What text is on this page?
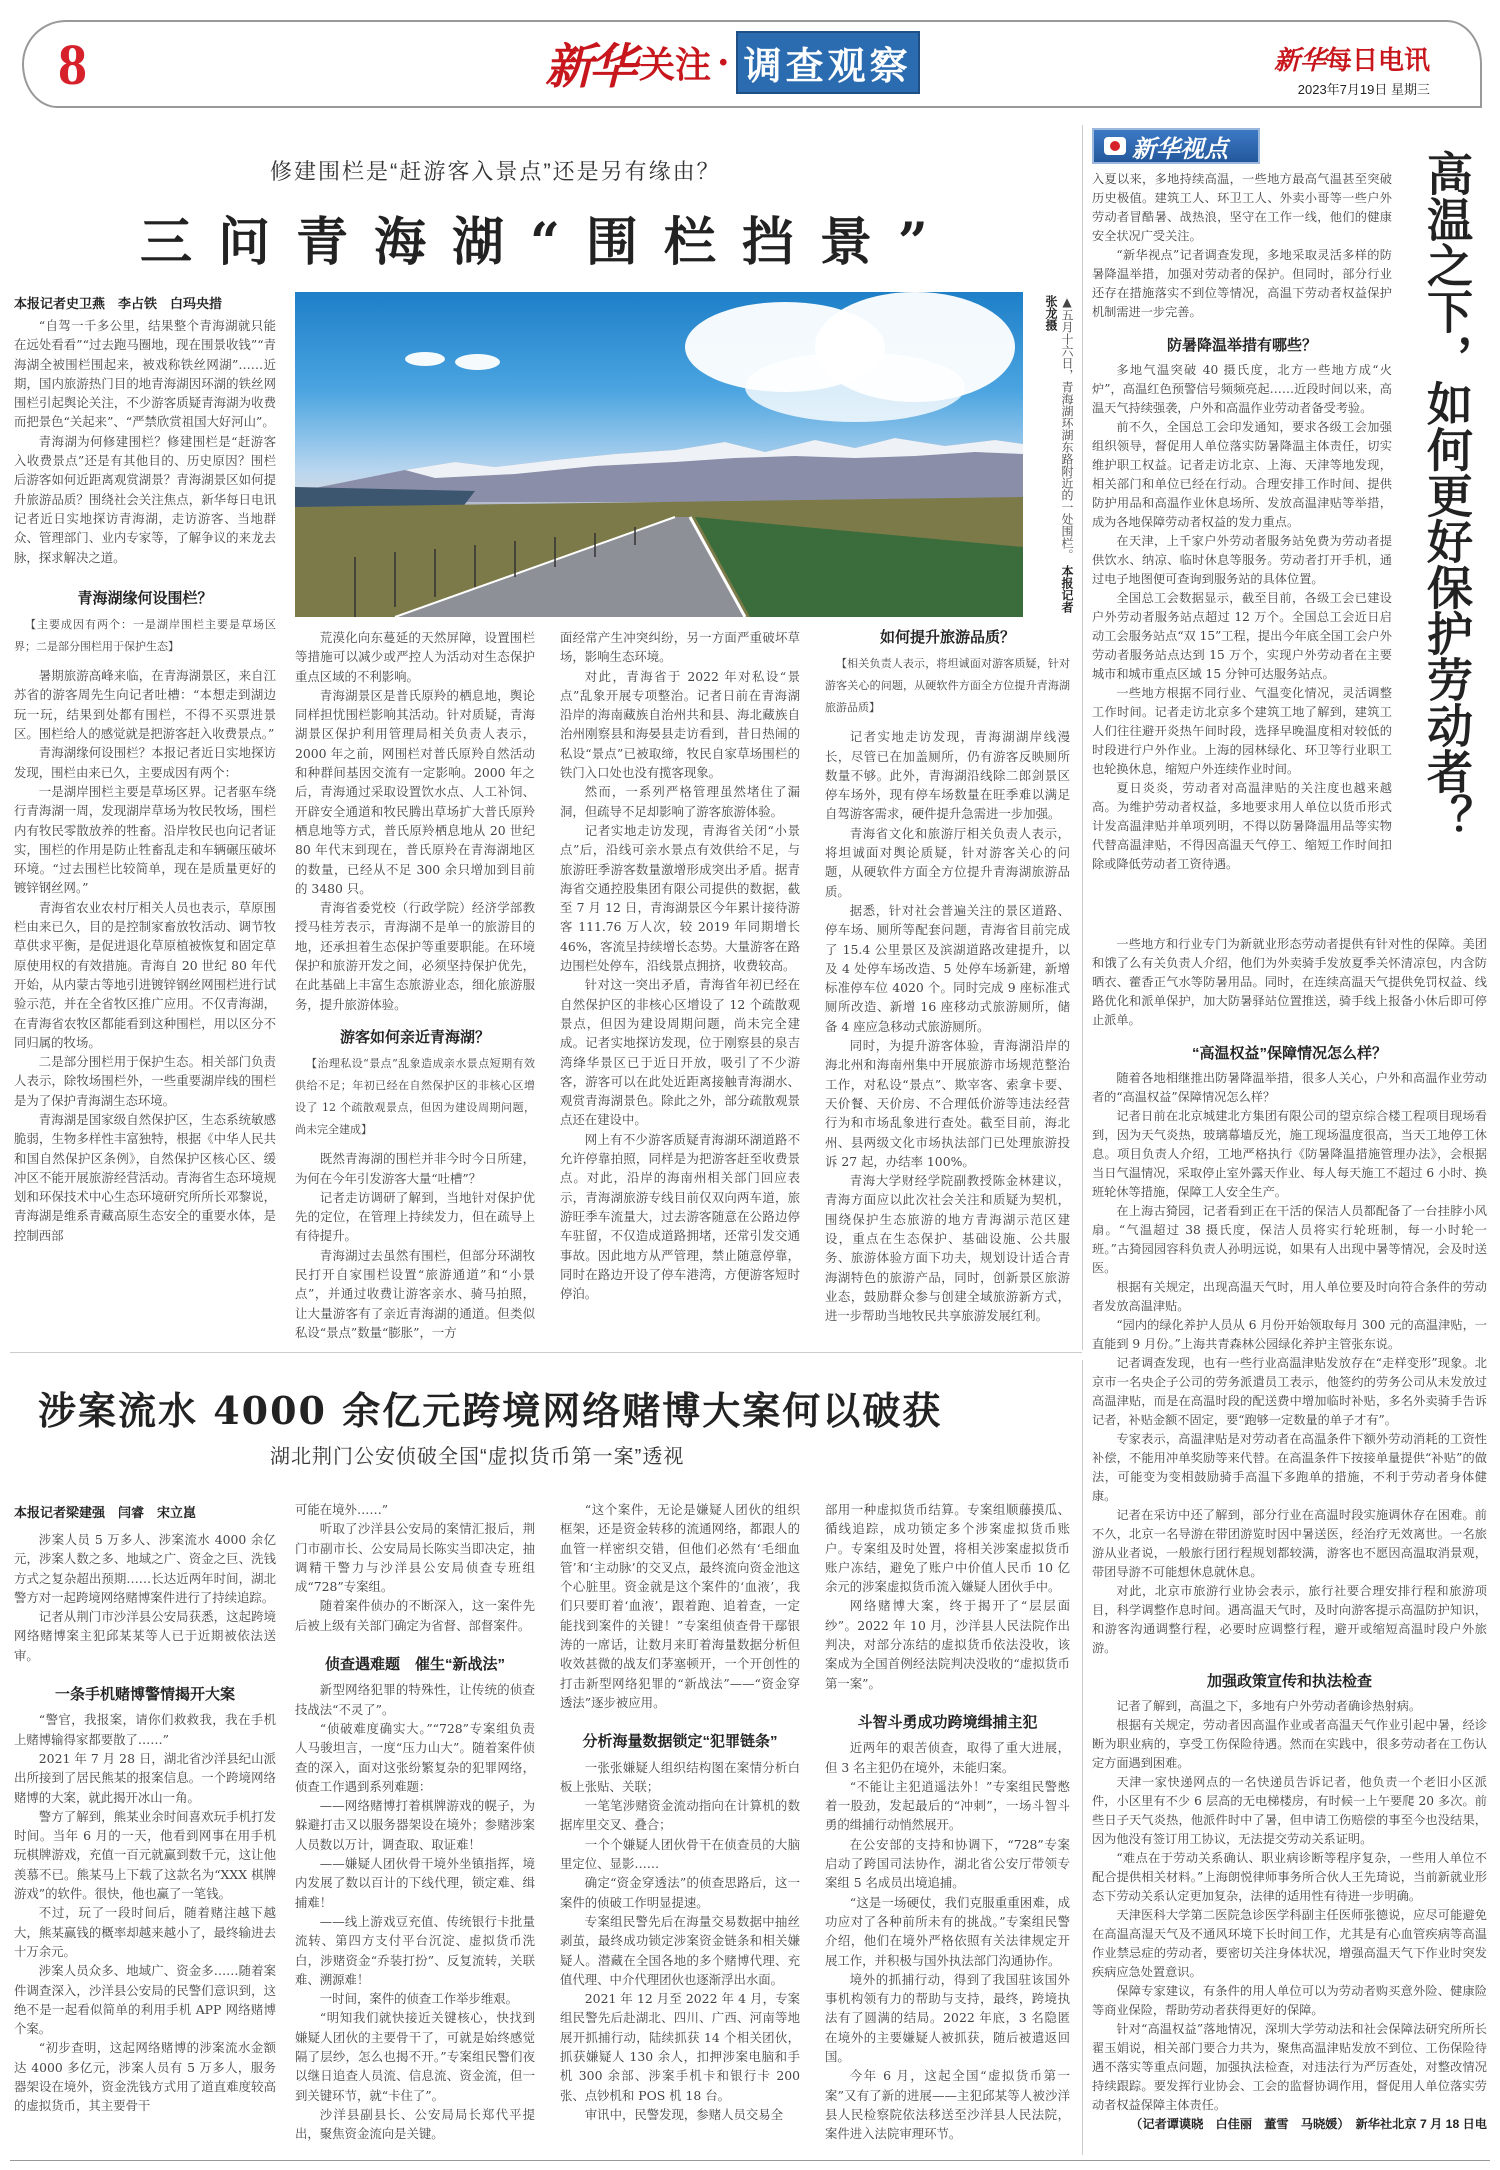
8	新华 关注 · 调查观察	新华每日电讯
2023年7月19日 星期三
修建围栏是“赶游客入景点”还是另有缘由？
三问青海湖“围栏挡景”
本报记者史卫燕　李占铁　白玛央措	▲五月十六日，青海湖环湖东路附近的一处围栏。 本报记者张龙摄

“自驾一千多公里，结果整个青海湖就只能在远处看看”“过去跑马圈地，现在围景收钱”“青海湖全被围栏围起来，被戏称铁丝网湖”……近期，国内旅游热门目的地青海湖因环湖的铁丝网围栏引起舆论关注，不少游客质疑青海湖为收费而把景色“关起来”、“严禁欣赏祖国大好河山”。

青海湖为何修建围栏？修建围栏是“赶游客入收费景点”还是有其他目的、历史原因？围栏后游客如何近距离观赏湖景？青海湖景区如何提升旅游品质？围绕社会关注焦点，新华每日电讯记者近日实地探访青海湖，走访游客、当地群众、管理部门、业内专家等，了解争议的来龙去脉，探求解决之道。

青海湖缘何设围栏？
【主要成因有两个：一是湖岸围栏主要是草场区界；二是部分围栏用于保护生态】

暑期旅游高峰来临，在青海湖景区，来自江苏省的游客周先生向记者吐槽：“本想走到湖边玩一玩，结果到处都有围栏，不得不买票进景区。围栏给人的感觉就是把游客赶入收费景点。”

青海湖缘何设围栏？本报记者近日实地探访发现，围栏由来已久，主要成因有两个：

一是湖岸围栏主要是草场区界。记者驱车绕行青海湖一周，发现湖岸草场为牧民牧场，围栏内有牧民零散放养的牲畜。沿岸牧民也向记者证实，围栏的作用是防止牲畜乱走和车辆碾压破坏环境。“过去围栏比较简单，现在是质量更好的镀锌钢丝网。”

青海省农业农村厅相关人员也表示，草原围栏由来已久，目的是控制家畜放牧活动、调节牧草供求平衡，是促进退化草原植被恢复和固定草原使用权的有效措施。青海自 20 世纪 80 年代开始，从内蒙古等地引进镀锌钢丝网围栏进行试验示范，并在全省牧区推广应用。不仅青海湖，在青海省农牧区都能看到这种围栏，用以区分不同归属的牧场。

二是部分围栏用于保护生态。相关部门负责人表示，除牧场围栏外，一些重要湖岸线的围栏是为了保护青海湖生态环境。

青海湖是国家级自然保护区，生态系统敏感脆弱，生物多样性丰富独特，根据《中华人民共和国自然保护区条例》，自然保护区核心区、缓冲区不能开展旅游经营活动。青海省生态环境规划和环保技术中心生态环境研究所所长邓黎说，青海湖是维系青藏高原生态安全的重要水体，是控制西部

荒漠化向东蔓延的天然屏障，设置围栏等措施可以减少或严控人为活动对生态保护重点区域的不利影响。

青海湖景区是普氏原羚的栖息地，舆论同样担忧围栏影响其活动。针对质疑，青海湖景区保护利用管理局相关负责人表示，2000 年之前，网围栏对普氏原羚自然活动和种群间基因交流有一定影响。2000 年之后，青海通过采取设置饮水点、人工补饲、开辟安全通道和牧民腾出草场扩大普氏原羚栖息地等方式，普氏原羚栖息地从 20 世纪 80 年代末到现在，普氏原羚在青海湖地区的数量，已经从不足 300 余只增加到目前的 3480 只。

青海省委党校（行政学院）经济学部教授马桂芳表示，青海湖不是单一的旅游目的地，还承担着生态保护等重要职能。在环境保护和旅游开发之间，必须坚持保护优先，在此基础上丰富生态旅游业态，细化旅游服务，提升旅游体验。

游客如何亲近青海湖？
【治理私设“景点”乱象造成亲水景点短期有效供给不足；年初已经在自然保护区的非核心区增设了 12 个疏散观景点，但因为建设周期问题，尚未完全建成】

既然青海湖的围栏并非今时今日所建，为何在今年引发游客大量“吐槽”？

记者走访调研了解到，当地针对保护优先的定位，在管理上持续发力，但在疏导上有待提升。

青海湖过去虽然有围栏，但部分环湖牧民打开自家围栏设置“旅游通道”和“小景点”，并通过收费让游客亲水、骑马拍照，让大量游客有了亲近青海湖的通道。但类似私设“景点”数量“膨胀”，一方

面经常产生冲突纠纷，另一方面严重破坏草场，影响生态环境。

对此，青海省于 2022 年对私设“景点”乱象开展专项整治。记者日前在青海湖沿岸的海南藏族自治州共和县、海北藏族自治州刚察县和海晏县走访看到，昔日热闹的私设“景点”已被取缔，牧民自家草场围栏的铁门入口处也没有揽客现象。

然而，一系列严格管理虽然堵住了漏洞，但疏导不足却影响了游客旅游体验。

记者实地走访发现，青海省关闭“小景点”后，沿线可亲水景点有效供给不足，与旅游旺季游客数量激增形成突出矛盾。据青海省交通控股集团有限公司提供的数据，截至 7 月 12 日，青海湖景区今年累计接待游客 111.76 万人次，较 2019 年同期增长 46%，客流呈持续增长态势。大量游客在路边围栏处停车，沿线景点拥挤，收费较高。

针对这一突出矛盾，青海省年初已经在自然保护区的非核心区增设了 12 个疏散观景点，但因为建设周期问题，尚未完全建成。记者实地探访发现，位于刚察县的泉吉湾绛华景区已于近日开放，吸引了不少游客，游客可以在此处近距离接触青海湖水、观赏青海湖景色。除此之外，部分疏散观景点还在建设中。

网上有不少游客质疑青海湖环湖道路不允许停靠拍照，同样是为把游客赶至收费景点。对此，沿岸的海南州相关部门回应表示，青海湖旅游专线目前仅双向两车道，旅游旺季车流量大，过去游客随意在公路边停车驻留，不仅造成道路拥堵，还常引发交通事故。因此地方从严管理，禁止随意停靠，同时在路边开设了停车港湾，方便游客短时停泊。

如何提升旅游品质？
【相关负责人表示，将坦诚面对游客质疑，针对游客关心的问题，从硬软件方面全方位提升青海湖旅游品质】

记者实地走访发现，青海湖湖岸线漫长，尽管已在加盖厕所，仍有游客反映厕所数量不够。此外，青海湖沿线除二郎剑景区停车场外，现有停车场数量在旺季难以满足自驾游客需求，硬件提升急需进一步加强。

青海省文化和旅游厅相关负责人表示，将坦诚面对舆论质疑，针对游客关心的问题，从硬软件方面全方位提升青海湖旅游品质。

据悉，针对社会普遍关注的景区道路、停车场、厕所等配套问题，青海省目前完成了 15.4 公里景区及滨湖道路改建提升，以及 4 处停车场改造、5 处停车场新建，新增标准停车位 4020 个。同时完成 9 座标准式厕所改造、新增 16 座移动式旅游厕所，储备 4 座应急移动式旅游厕所。

同时，为提升游客体验，青海湖沿岸的海北州和海南州集中开展旅游市场规范整治工作，对私设“景点”、欺宰客、索拿卡要、天价餐、天价房、不合理低价游等违法经营行为和市场乱象进行查处。截至目前，海北州、县两级文化市场执法部门已处理旅游投诉 27 起，办结率 100%。

青海大学财经学院副教授陈金林建议，青海方面应以此次社会关注和质疑为契机，围绕保护生态旅游的地方青海湖示范区建设，重点在生态保护、基础设施、公共服务、旅游体验方面下功夫，规划设计适合青海湖特色的旅游产品，同时，创新景区旅游业态，鼓励群众参与创建全域旅游新方式，进一步帮助当地牧民共享旅游发展红利。

新华视点
高温之下，如何更好保护劳动者？

入夏以来，多地持续高温，一些地方最高气温甚至突破历史极值。建筑工人、环卫工人、外卖小哥等一些户外劳动者冒酷暑、战热浪，坚守在工作一线，他们的健康安全状况广受关注。

“新华视点”记者调查发现，多地采取灵活多样的防暑降温举措，加强对劳动者的保护。但同时，部分行业还存在措施落实不到位等情况，高温下劳动者权益保护机制需进一步完善。

防暑降温举措有哪些？

多地气温突破 40 摄氏度，北方一些地方成“火炉”，高温红色预警信号频频亮起……近段时间以来，高温天气持续强袭，户外和高温作业劳动者备受考验。

前不久，全国总工会印发通知，要求各级工会加强组织领导，督促用人单位落实防暑降温主体责任，切实维护职工权益。记者走访北京、上海、天津等地发现，相关部门和单位已经在行动。合理安排工作时间、提供防护用品和高温作业休息场所、发放高温津贴等举措，成为各地保障劳动者权益的发力重点。

在天津，上千家户外劳动者服务站免费为劳动者提供饮水、纳凉、临时休息等服务。劳动者打开手机，通过电子地图便可查询到服务站的具体位置。

全国总工会数据显示，截至目前，各级工会已建设户外劳动者服务站点超过 12 万个。全国总工会近日启动工会服务站点“双 15”工程，提出今年底全国工会户外劳动者服务站点达到 15 万个，实现户外劳动者在主要城市和城市重点区域 15 分钟可达服务站点。

一些地方根据不同行业、气温变化情况，灵活调整工作时间。记者走访北京多个建筑工地了解到，建筑工人们往往避开炎热午间时段，选择早晚温度相对较低的时段进行户外作业。上海的园林绿化、环卫等行业职工也轮换休息，缩短户外连续作业时间。

夏日炎炎，劳动者对高温津贴的关注度也越来越高。为维护劳动者权益，多地要求用人单位以货币形式计发高温津贴并单项列明，不得以防暑降温用品等实物代替高温津贴，不得因高温天气停工、缩短工作时间扣除或降低劳动者工资待遇。

一些地方和行业专门为新就业形态劳动者提供有针对性的保障。美团和饿了么有关负责人介绍，他们为外卖骑手发放夏季关怀清凉包，内含防晒衣、藿香正气水等防暑用品。同时，在连续高温天气提供免罚权益、线路优化和派单保护，加大防暑驿站位置推送，骑手线上报备小休后即可停止派单。

“高温权益”保障情况怎么样？

随着各地相继推出防暑降温举措，很多人关心，户外和高温作业劳动者的“高温权益”保障情况怎么样？

记者日前在北京城建北方集团有限公司的望京综合楼工程项目现场看到，因为天气炎热，玻璃幕墙反光，施工现场温度很高，当天工地停工休息。项目负责人介绍，工地严格执行《防暑降温措施管理办法》，会根据当日气温情况，采取停止室外露天作业、每人每天施工不超过 6 小时、换班轮休等措施，保障工人安全生产。

在上海古猗园，记者看到正在干活的保洁人员都配备了一台挂脖小风扇。“气温超过 38 摄氏度，保洁人员将实行轮班制，每一小时轮一班。”古猗园园容科负责人孙明远说，如果有人出现中暑等情况，会及时送医。

根据有关规定，出现高温天气时，用人单位要及时向符合条件的劳动者发放高温津贴。

“园内的绿化养护人员从 6 月份开始领取每月 300 元的高温津贴，一直能到 9 月份。”上海共青森林公园绿化养护主管张东说。

记者调查发现，也有一些行业高温津贴发放存在“走样变形”现象。北京市一名央企子公司的劳务派遣员工表示，他签约的劳务公司从未发放过高温津贴，而是在高温时段的配送费中增加临时补贴，多名外卖骑手告诉记者，补贴金额不固定，要“跑够一定数量的单子才有”。

专家表示，高温津贴是对劳动者在高温条件下额外劳动消耗的工资性补偿，不能用冲单奖励等来代替。在高温条件下按接单量提供“补贴”的做法，可能变为变相鼓励骑手高温下多跑单的措施，不利于劳动者身体健康。

记者在采访中还了解到，部分行业在高温时段实施调休存在困难。前不久，北京一名导游在带团游览时因中暑送医，经治疗无效离世。一名旅游从业者说，一般旅行团行程规划都较满，游客也不愿因高温取消景观，带团导游不可能想休息就休息。

对此，北京市旅游行业协会表示，旅行社要合理安排行程和旅游项目，科学调整作息时间。遇高温天气时，及时向游客提示高温防护知识，和游客沟通调整行程，必要时应调整行程，避开或缩短高温时段户外旅游。

加强政策宣传和执法检查

记者了解到，高温之下，多地有户外劳动者确诊热射病。

根据有关规定，劳动者因高温作业或者高温天气作业引起中暑，经诊断为职业病的，享受工伤保险待遇。然而在实践中，很多劳动者在工伤认定方面遇到困难。

天津一家快递网点的一名快递员告诉记者，他负责一个老旧小区派件，小区里有不少 6 层高的无电梯楼房，有时候一上午要爬 20 多次。前些日子天气炎热，他派件时中了暑，但申请工伤赔偿的事至今也没结果，因为他没有签订用工协议，无法提交劳动关系证明。

“难点在于劳动关系确认、职业病诊断等程序复杂，一些用人单位不配合提供相关材料。”上海朗悦律师事务所合伙人王先琦说，当前新就业形态下劳动关系认定更加复杂，法律的适用性有待进一步明确。

天津医科大学第二医院急诊医学科副主任医师张德说，应尽可能避免在高温高湿天气及不通风环境下长时间工作，尤其是有心血管疾病等高温作业禁忌症的劳动者，要密切关注身体状况，增强高温天气下作业时突发疾病应急处置意识。

保障专家建议，有条件的用人单位可以为劳动者购买意外险、健康险等商业保险，帮助劳动者获得更好的保障。

针对“高温权益”落地情况，深圳大学劳动法和社会保障法研究所所长翟玉娟说，相关部门要合力共为，聚焦高温津贴发放不到位、工伤保险待遇不落实等重点问题，加强执法检查，对违法行为严厉查处，对整改情况持续跟踪。要发挥行业协会、工会的监督协调作用，督促用人单位落实劳动者权益保障主体责任。

（记者谭谟晓　白佳丽　董雪　马晓媛）　新华社北京 7 月 18 日电

涉案流水 4000 余亿元跨境网络赌博大案何以破获
湖北荆门公安侦破全国“虚拟货币第一案”透视
本报记者梁建强　闫睿　宋立崑

涉案人员 5 万多人、涉案流水 4000 余亿元，涉案人数之多、地域之广、资金之巨、洗钱方式之复杂超出预期……长达近两年时间，湖北警方对一起跨境网络赌博案件进行了持续追踪。

记者从荆门市沙洋县公安局获悉，这起跨境网络赌博案主犯邱某某等人已于近期被依法送审。

一条手机赌博警情揭开大案

“警官，我报案，请你们救救我，我在手机上赌博输得家都要散了……”

2021 年 7 月 28 日，湖北省沙洋县纪山派出所接到了居民熊某的报案信息。一个跨境网络赌博的大案，就此揭开冰山一角。

警方了解到，熊某业余时间喜欢玩手机打发时间。当年 6 月的一天，他看到网事在用手机玩棋牌游戏，充值一百元就赢到数千元，这让他羡慕不已。熊某马上下载了这款名为“XXX 棋牌游戏”的软件。很快，他也赢了一笔钱。

不过，玩了一段时间后，随着赌注越下越大，熊某赢钱的概率却越来越小了，最终输进去十万余元。

涉案人员众多、地域广、资金多……随着案件调查深入，沙洋县公安局的民警们意识到，这绝不是一起看似简单的利用手机 APP 网络赌博个案。

“初步查明，这起网络赌博的涉案流水金额达 4000 多亿元，涉案人员有 5 万多人，服务器架设在境外，资金洗钱方式用了道直难度较高的虚拟货币，其主要骨干

可能在境外……”

听取了沙洋县公安局的案情汇报后，荆门市副市长、公安局局长陈实当即决定，抽调精干警力与沙洋县公安局侦查专班组成“728”专案组。

随着案件侦办的不断深入，这一案件先后被上级有关部门确定为省督、部督案件。

侦查遇难题　催生“新战法”

新型网络犯罪的特殊性，让传统的侦查技战法“不灵了”。

“侦破难度确实大。”“728”专案组负责人马骏坦言，一度“压力山大”。随着案件侦查的深入，面对这张纷繁复杂的犯罪网络，侦查工作遇到系列难题：

——网络赌博打着棋牌游戏的幌子，为躲避打击又以服务器架设在境外；参赌涉案人员数以万计，调查取、取证难！

——嫌疑人团伙骨干境外坐镇指挥，境内发展了数以百计的下线代理，锁定难、缉捕难！

——线上游戏豆充值、传统银行卡批量流转、第四方支付平台沉淀、虚拟货币洗白，涉赌资金“乔装打扮”、反复流转，关联难、溯源难！

一时间，案件的侦查工作举步维艰。

“明知我们就快接近关键核心，快找到嫌疑人团伙的主要骨干了，可就是始终感觉隔了层纱，怎么也揭不开。”专案组民警们夜以继日追查人员流、信息流、资金流，但一到关键环节，就“卡住了”。

沙洋县副县长、公安局局长郑代平提出，聚焦资金流向是关键。

“这个案件，无论是嫌疑人团伙的组织框架，还是资金转移的流通网络，都跟人的血管一样密织交错，但他们必然有‘毛细血管’和‘主动脉’的交叉点，最终流向资金池这个心脏里。资金就是这个案件的‘血液’，我们只要盯着‘血液’，跟着跑、追着查，一定能找到案件的关键！”专案组侦查骨干鄢银涛的一席话，让数月来盯着海量数据分析但收效甚微的战友们茅塞顿开，一个开创性的打击新型网络犯罪的“新战法”——“资金穿透法”逐步被应用。

分析海量数据锁定“犯罪链条”

一张张嫌疑人组织结构图在案情分析白板上张贴、关联；

一笔笔涉赌资金流动指向在计算机的数据库里交叉、叠合；

一个个嫌疑人团伙骨干在侦查员的大脑里定位、显影……

确定“资金穿透法”的侦查思路后，这一案件的侦破工作明显提速。

专案组民警先后在海量交易数据中抽丝剥茧，最终成功锁定涉案资金链条和相关嫌疑人。潜藏在全国各地的多个赌博代理、充值代理、中介代理团伙也逐渐浮出水面。

2021 年 12 月至 2022 年 4 月，专案组民警先后赴湖北、四川、广西、河南等地展开抓捕行动，陆续抓获 14 个相关团伙，抓获嫌疑人 130 余人，扣押涉案电脑和手机 300 余部、涉案手机卡和银行卡 200 张、点钞机和 POS 机 18 台。

审讯中，民警发现，参赌人员交易全

部用一种虚拟货币结算。专案组顺藤摸瓜、循线追踪，成功锁定多个涉案虚拟货币账户。专案组及时处置，将相关涉案虚拟货币账户冻结，避免了账户中价值人民币 10 亿余元的涉案虚拟货币流入嫌疑人团伙手中。

网络赌博大案，终于揭开了“层层面纱”。2022 年 10 月，沙洋县人民法院作出判决，对部分冻结的虚拟货币依法没收，该案成为全国首例经法院判决没收的“虚拟货币第一案”。

斗智斗勇成功跨境缉捕主犯

近两年的艰苦侦查，取得了重大进展，但 3 名主犯仍在境外，未能归案。

“不能让主犯逍遥法外！”专案组民警憋着一股劲，发起最后的“冲刺”，一场斗智斗勇的缉捕行动悄然展开。

在公安部的支持和协调下，“728”专案启动了跨国司法协作，湖北省公安厅带领专案组 5 名成员出境追捕。

“这是一场硬仗，我们克服重重困难，成功应对了各种前所未有的挑战。”专案组民警介绍，他们在境外严格依照有关法律规定开展工作，并积极与国外执法部门沟通协作。

境外的抓捕行动，得到了我国驻该国外事机构领有力的帮助与支持，最终，跨境执法有了圆满的结局。2022 年底，3 名隐匿在境外的主要嫌疑人被抓获，随后被遣返回国。

今年 6 月，这起全国“虚拟货币第一案”又有了新的进展——主犯邱某等人被沙洋县人民检察院依法移送至沙洋县人民法院，案件进入法院审理环节。
